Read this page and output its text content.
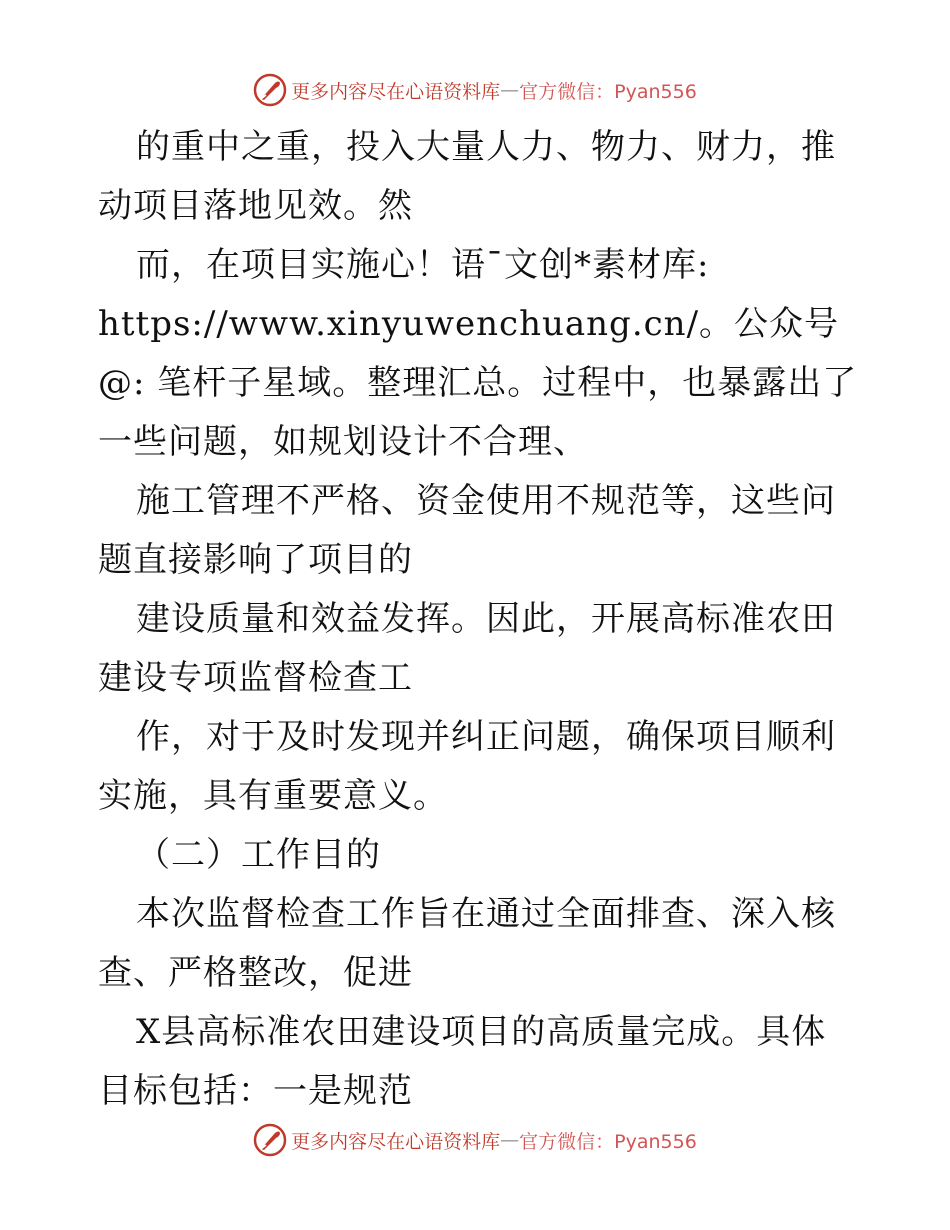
更多内容尽在心语资料库 — 官方微信：Pyan556

的重中之重，投入大量人力、物力、财力，推动项目落地见效。然

而，在项目实施心！语¯文创*素材库: https://www.xinyuwenchuang.cn/。公众号@: 笔杆子星域。整理汇总。过程中，也暴露出了一些问题，如规划设计不合理、

施工管理不严格、资金使用不规范等，这些问题直接影响了项目的

建设质量和效益发挥。因此，开展高标准农田建设专项监督检查工

作，对于及时发现并纠正问题，确保项目顺利实施，具有重要意义。

（二）工作目的

本次监督检查工作旨在通过全面排查、深入核查、严格整改，促进

X县高标准农田建设项目的高质量完成。具体目标包括：一是规范

更多内容尽在心语资料库 — 官方微信：Pyan556
